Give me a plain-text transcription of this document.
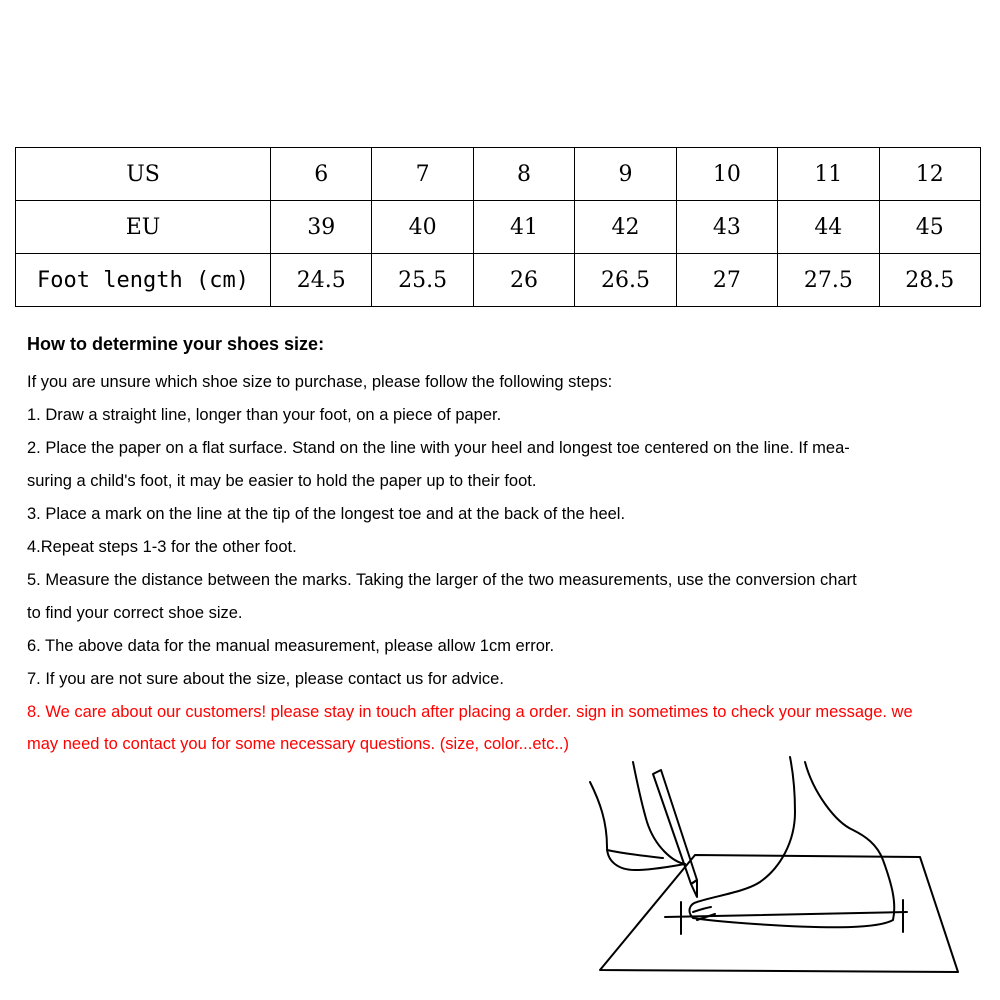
US	6	7	8	9	10	11	12
EU	39	40	41	42	43	44	45
Foot length (cm)	24.5	25.5	26	26.5	27	27.5	28.5
How to determine your shoes size:

If you are unsure which shoe size to purchase, please follow the following steps:

1. Draw a straight line, longer than your foot, on a piece of paper.

2. Place the paper on a flat surface. Stand on the line with your heel and longest toe centered on the line. If mea-

suring a child's foot, it may be easier to hold the paper up to their foot.

3. Place a mark on the line at the tip of the longest toe and at the back of the heel.

4.Repeat steps 1-3 for the other foot.

5. Measure the distance between the marks. Taking the larger of the two measurements, use the conversion chart

to find your correct shoe size.

6. The above data for the manual measurement, please allow 1cm error.

7. If you are not sure about the size, please contact us for advice.

8. We care about our customers! please stay in touch after placing a order. sign in sometimes to check your message. we

may need to contact you for some necessary questions. (size, color...etc..)
